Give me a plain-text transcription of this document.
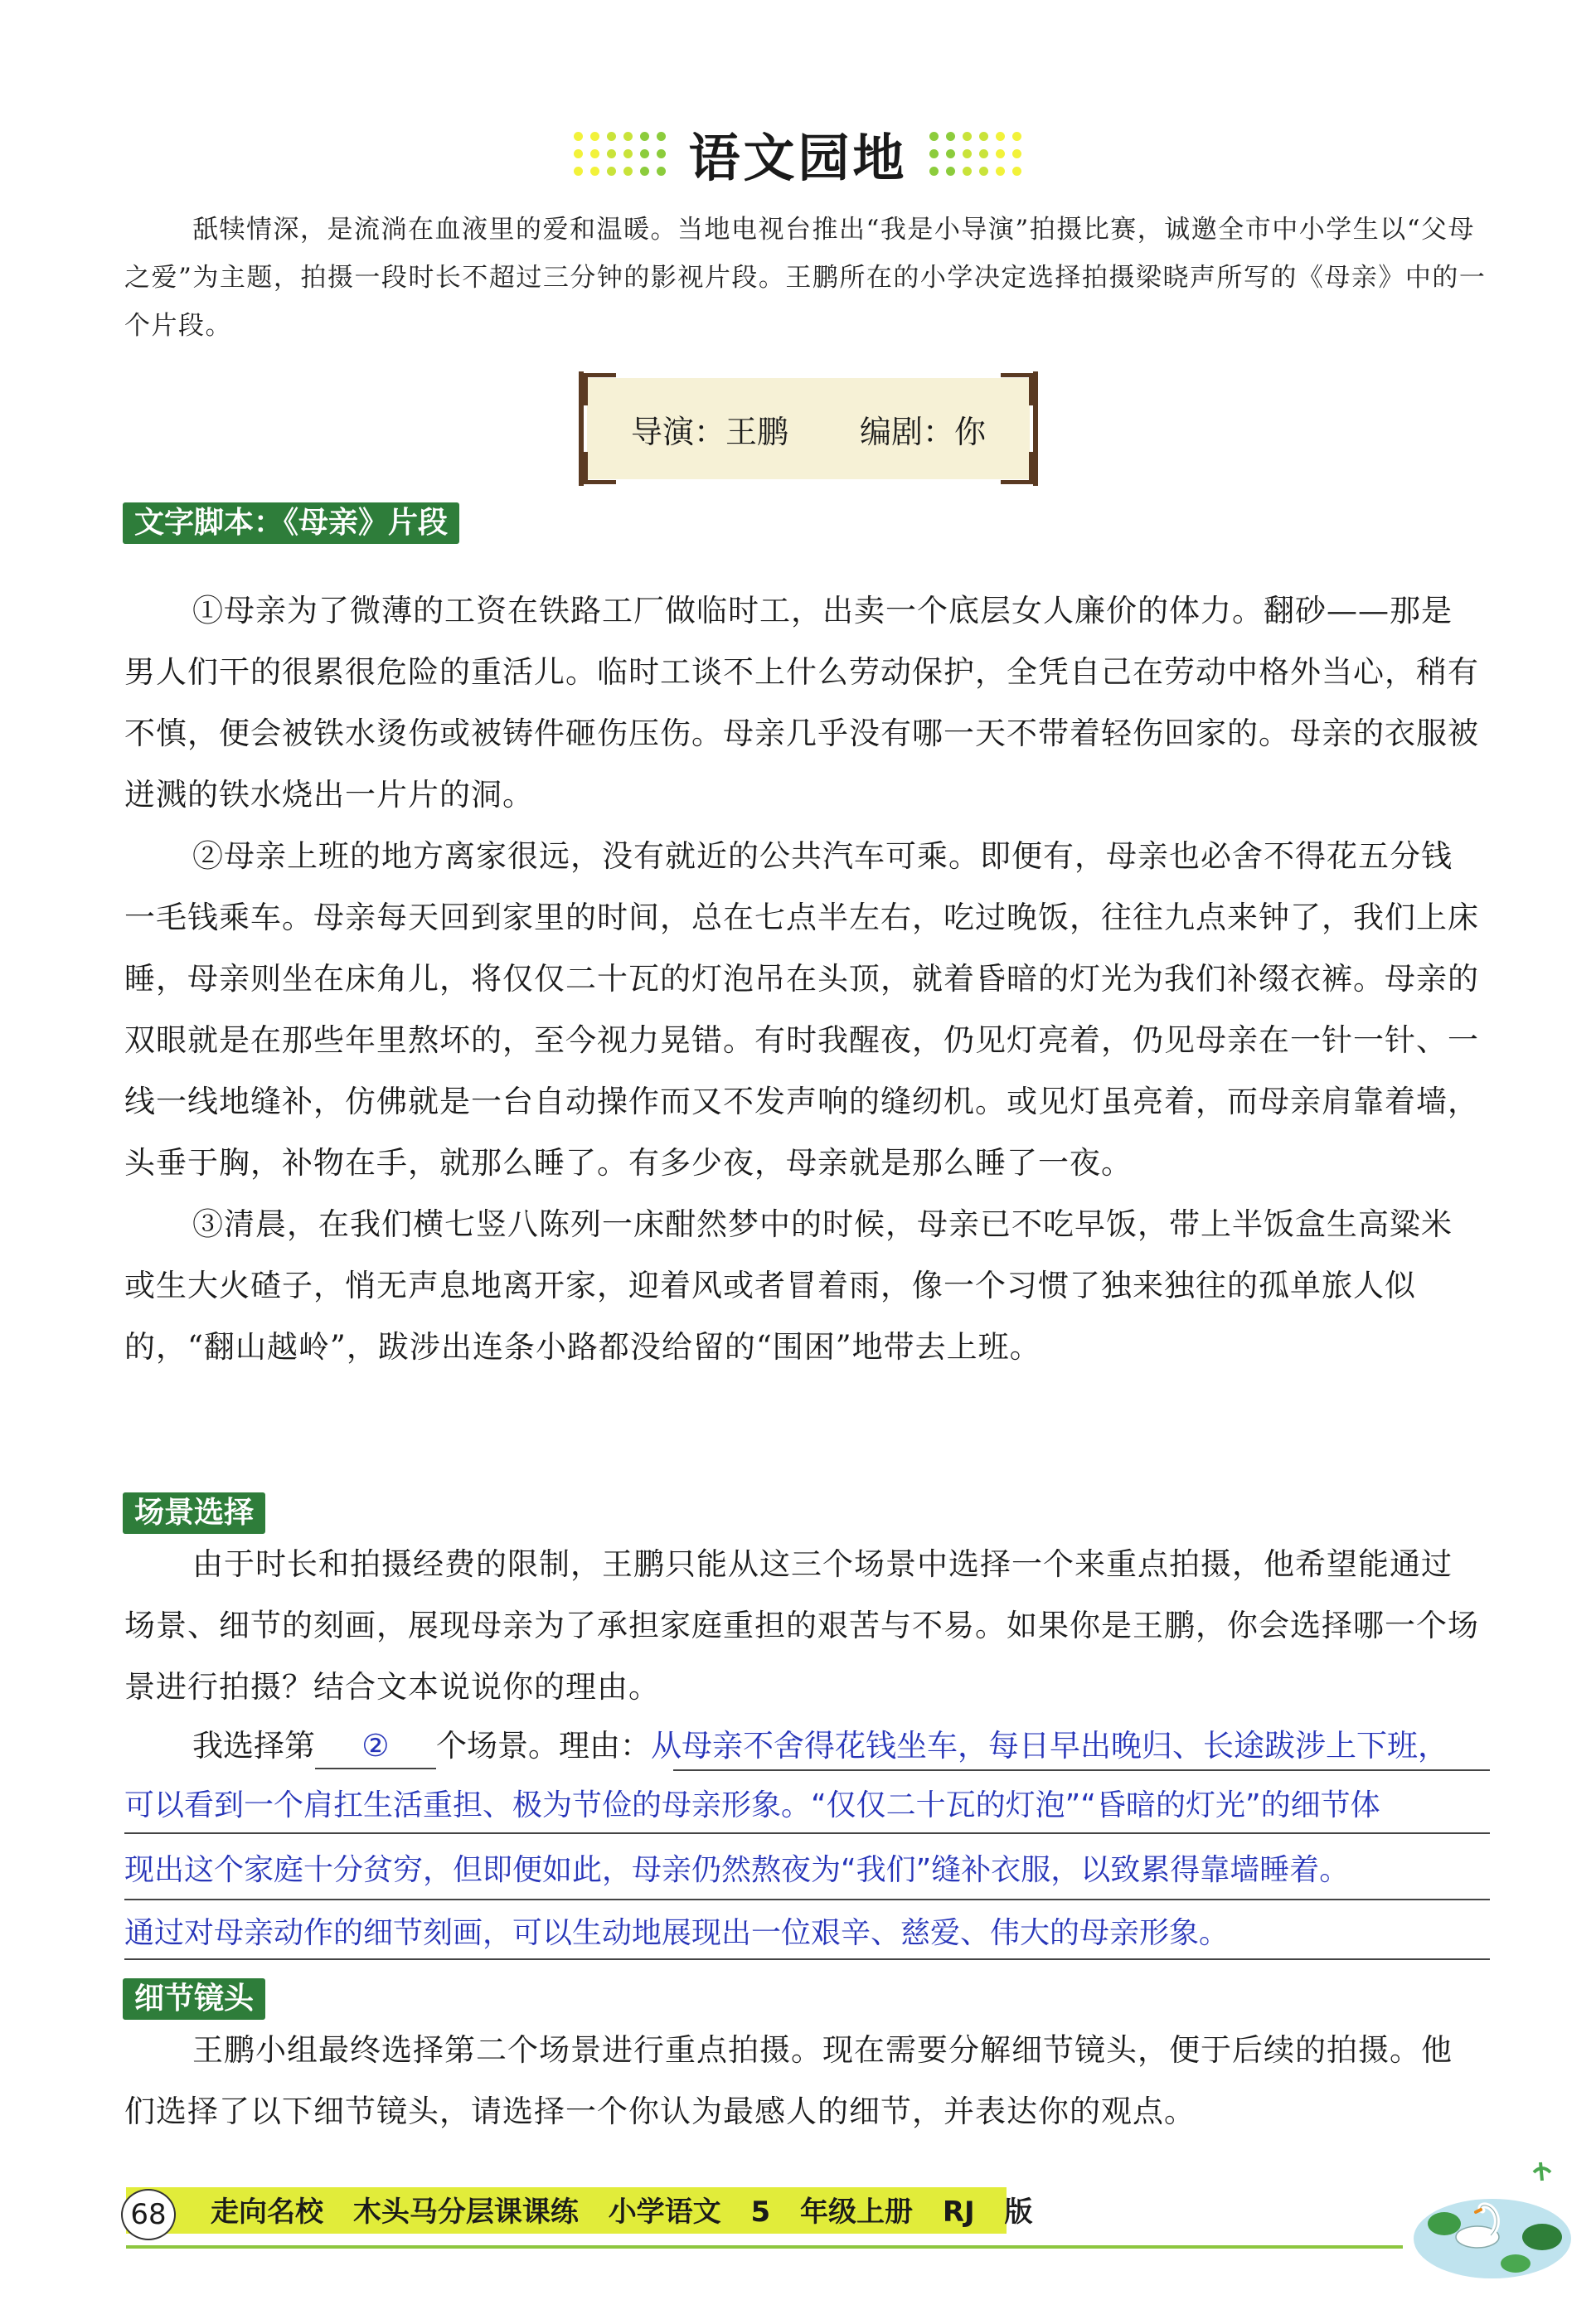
语文园地
舐犊情深，是流淌在血液里的爱和温暖。当地电视台推出“我是小导演”拍摄比赛，诚邀全市中小学生以“父母之爱”为主题，拍摄一段时长不超过三分钟的影视片段。王鹏所在的小学决定选择拍摄梁晓声所写的《母亲》中的一个片段。
导演：王鹏 编剧：你
文字脚本：《母亲》片段

①母亲为了微薄的工资在铁路工厂做临时工，出卖一个底层女人廉价的体力。翻砂——那是男人们干的很累很危险的重活儿。临时工谈不上什么劳动保护，全凭自己在劳动中格外当心，稍有不慎，便会被铁水烫伤或被铸件砸伤压伤。母亲几乎没有哪一天不带着轻伤回家的。母亲的衣服被迸溅的铁水烧出一片片的洞。

②母亲上班的地方离家很远，没有就近的公共汽车可乘。即便有，母亲也必舍不得花五分钱一毛钱乘车。母亲每天回到家里的时间，总在七点半左右，吃过晚饭，往往九点来钟了，我们上床睡，母亲则坐在床角儿，将仅仅二十瓦的灯泡吊在头顶，就着昏暗的灯光为我们补缀衣裤。母亲的双眼就是在那些年里熬坏的，至今视力晃错。有时我醒夜，仍见灯亮着，仍见母亲在一针一针、一线一线地缝补，仿佛就是一台自动操作而又不发声响的缝纫机。或见灯虽亮着，而母亲肩靠着墙，头垂于胸，补物在手，就那么睡了。有多少夜，母亲就是那么睡了一夜。

③清晨，在我们横七竖八陈列一床酣然梦中的时候，母亲已不吃早饭，带上半饭盒生高粱米或生大火碴子，悄无声息地离开家，迎着风或者冒着雨，像一个习惯了独来独往的孤单旅人似的，“翻山越岭”，跋涉出连条小路都没给留的“围困”地带去上班。

场景选择

由于时长和拍摄经费的限制，王鹏只能从这三个场景中选择一个来重点拍摄，他希望能通过场景、细节的刻画，展现母亲为了承担家庭重担的艰苦与不易。如果你是王鹏，你会选择哪一个场景进行拍摄？结合文本说说你的理由。

我选择第 ② 个场景。理由：从母亲不舍得花钱坐车，每日早出晚归、长途跋涉上下班，
可以看到一个肩扛生活重担、极为节俭的母亲形象。“仅仅二十瓦的灯泡”“昏暗的灯光”的细节体
现出这个家庭十分贫穷，但即便如此，母亲仍然熬夜为“我们”缝补衣服，以致累得靠墙睡着。
通过对母亲动作的细节刻画，可以生动地展现出一位艰辛、慈爱、伟大的母亲形象。
细节镜头

王鹏小组最终选择第二个场景进行重点拍摄。现在需要分解细节镜头，便于后续的拍摄。他们选择了以下细节镜头，请选择一个你认为最感人的细节，并表达你的观点。

68	走向名校 木头马分层课课练 小学语文 5 年级上册 RJ 版
